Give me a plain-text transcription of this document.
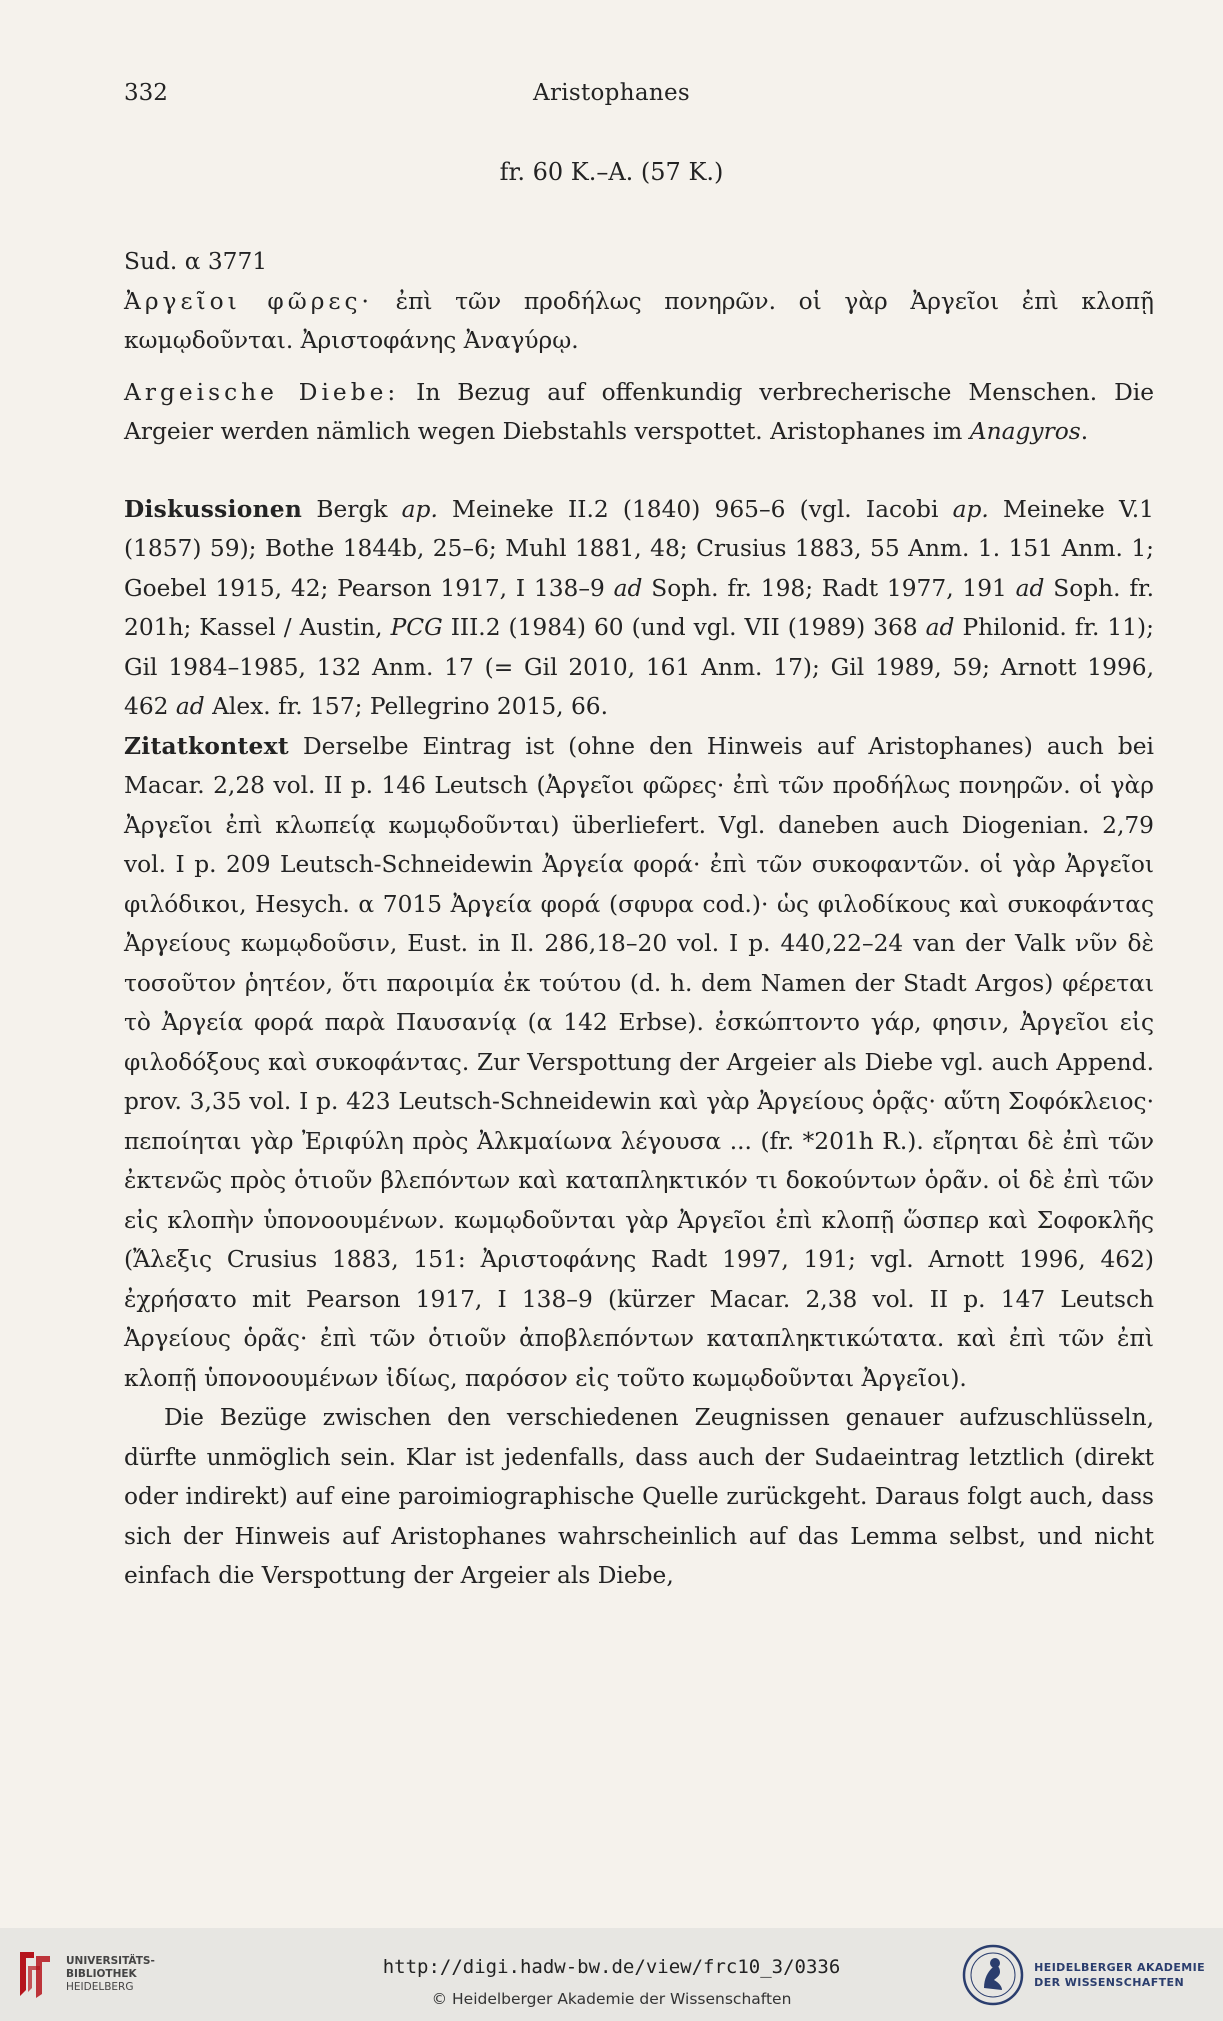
332	Aristophanes
fr. 60 K.–A. (57 K.)

Sud. α 3771

Ἀργεῖοι φῶρες· ἐπὶ τῶν προδήλως πονηρῶν. οἱ γὰρ Ἀργεῖοι ἐπὶ κλοπῇ κωμῳδοῦνται. Ἀριστοφάνης Ἀναγύρῳ.

Argeische Diebe: In Bezug auf offenkundig verbrecherische Menschen. Die Argeier werden nämlich wegen Diebstahls verspottet. Aristophanes im Anagyros.

Diskussionen Bergk ap. Meineke II.2 (1840) 965–6 (vgl. Iacobi ap. Meineke V.1 (1857) 59); Bothe 1844b, 25–6; Muhl 1881, 48; Crusius 1883, 55 Anm. 1. 151 Anm. 1; Goebel 1915, 42; Pearson 1917, I 138–9 ad Soph. fr. 198; Radt 1977, 191 ad Soph. fr. 201h; Kassel / Austin, PCG III.2 (1984) 60 (und vgl. VII (1989) 368 ad Philonid. fr. 11); Gil 1984–1985, 132 Anm. 17 (= Gil 2010, 161 Anm. 17); Gil 1989, 59; Arnott 1996, 462 ad Alex. fr. 157; Pellegrino 2015, 66.

Zitatkontext Derselbe Eintrag ist (ohne den Hinweis auf Aristophanes) auch bei Macar. 2,28 vol. II p. 146 Leutsch (Ἀργεῖοι φῶρες· ἐπὶ τῶν προδήλως πονηρῶν. οἱ γὰρ Ἀργεῖοι ἐπὶ κλωπείᾳ κωμῳδοῦνται) überliefert. Vgl. daneben auch Diogenian. 2,79 vol. I p. 209 Leutsch-Schneidewin Ἀργεία φορά· ἐπὶ τῶν συκοφαντῶν. οἱ γὰρ Ἀργεῖοι φιλόδικοι, Hesych. α 7015 Ἀργεία φορά (σφυρα cod.)· ὡς φιλοδίκους καὶ συκοφάντας Ἀργείους κωμῳδοῦσιν, Eust. in Il. 286,18–20 vol. I p. 440,22–24 van der Valk νῦν δὲ τοσοῦτον ῥητέον, ὅτι παροιμία ἐκ τούτου (d. h. dem Namen der Stadt Argos) φέρεται τὸ Ἀργεία φορά παρὰ Παυσανίᾳ (α 142 Erbse). ἐσκώπτοντο γάρ, φησιν, Ἀργεῖοι εἰς φιλοδόξους καὶ συκοφάντας. Zur Verspottung der Argeier als Diebe vgl. auch Append. prov. 3,35 vol. I p. 423 Leutsch-Schneidewin καὶ γὰρ Ἀργείους ὁρᾷς· αὕτη Σοφόκλειος· πεποίηται γὰρ Ἐριφύλη πρὸς Ἀλκμαίωνα λέγουσα ... (fr. *201h R.). εἴρηται δὲ ἐπὶ τῶν ἐκτενῶς πρὸς ὁτιοῦν βλεπόντων καὶ καταπληκτικόν τι δοκούντων ὁρᾶν. οἱ δὲ ἐπὶ τῶν εἰς κλοπὴν ὑπονοουμένων. κωμῳδοῦνται γὰρ Ἀργεῖοι ἐπὶ κλοπῇ ὥσπερ καὶ Σοφοκλῆς (Ἄλεξις Crusius 1883, 151: Ἀριστοφάνης Radt 1997, 191; vgl. Arnott 1996, 462) ἐχρήσατο mit Pearson 1917, I 138–9 (kürzer Macar. 2,38 vol. II p. 147 Leutsch Ἀργείους ὁρᾶς· ἐπὶ τῶν ὁτιοῦν ἀποβλεπόντων καταπληκτικώτατα. καὶ ἐπὶ τῶν ἐπὶ κλοπῇ ὑπονοουμένων ἰδίως, παρόσον εἰς τοῦτο κωμῳδοῦνται Ἀργεῖοι).

Die Bezüge zwischen den verschiedenen Zeugnissen genauer aufzuschlüsseln, dürfte unmöglich sein. Klar ist jedenfalls, dass auch der Sudaeintrag letztlich (direkt oder indirekt) auf eine paroimiographische Quelle zurückgeht. Daraus folgt auch, dass sich der Hinweis auf Aristophanes wahrscheinlich auf das Lemma selbst, und nicht einfach die Verspottung der Argeier als Diebe,

UNIVERSITÄTS-
BIBLIOTHEK
HEIDELBERG
http://digi.hadw-bw.de/view/frc10_3/0336
© Heidelberger Akademie der Wissenschaften
HEIDELBERGER AKADEMIE
DER WISSENSCHAFTEN
